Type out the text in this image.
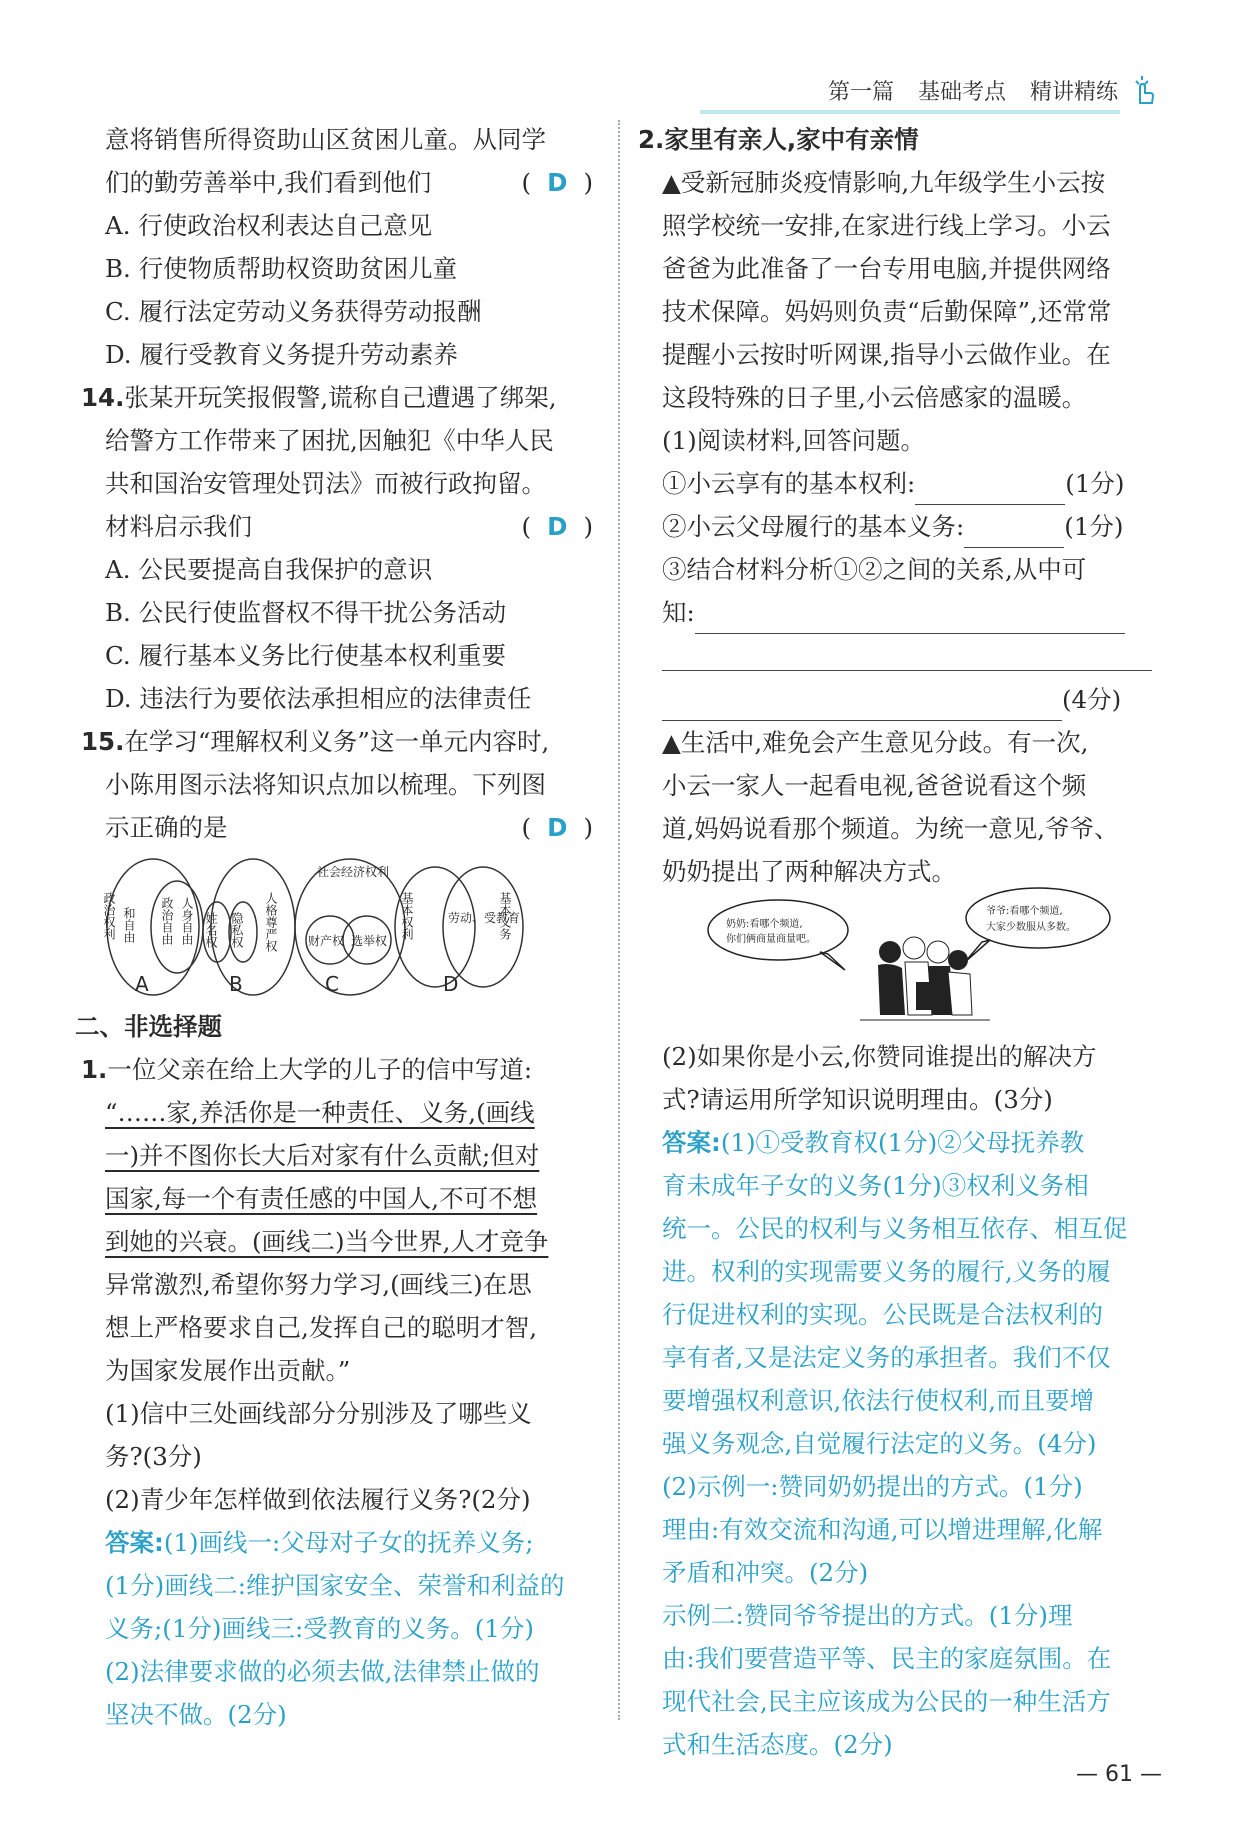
第一篇 基础考点 精讲精练
意将销售所得资助山区贫困儿童。从同学
们的勤劳善举中,我们看到他们	( D )
A. 行使政治权利表达自己意见
B. 行使物质帮助权资助贫困儿童
C. 履行法定劳动义务获得劳动报酬
D. 履行受教育义务提升劳动素养
14.张某开玩笑报假警,谎称自己遭遇了绑架,
给警方工作带来了困扰,因触犯《中华人民
共和国治安管理处罚法》而被行政拘留。
材料启示我们	( D )
A. 公民要提高自我保护的意识
B. 公民行使监督权不得干扰公务活动
C. 履行基本义务比行使基本权利重要
D. 违法行为要依法承担相应的法律责任
15.在学习“理解权利义务”这一单元内容时,
小陈用图示法将知识点加以梳理。下列图
示正确的是	( D )
政治权利 和自由 政治自由 人身自由 姓名权 隐私权 人格尊严权
社会经济权利
财产权 选举权
基本权利	劳动、受教育
基本义务
A	B	C	D
二、非选择题
1.一位父亲在给上大学的儿子的信中写道:
“……家,养活你是一种责任、义务,(画线
一)并不图你长大后对家有什么贡献;但对
国家,每一个有责任感的中国人,不可不想
到她的兴衰。(画线二)当今世界,人才竞争
异常激烈,希望你努力学习,(画线三)在思
想上严格要求自己,发挥自己的聪明才智,
为国家发展作出贡献。”
(1)信中三处画线部分分别涉及了哪些义
务?(3分)
(2)青少年怎样做到依法履行义务?(2分)
答案:(1)画线一:父母对子女的抚养义务;
(1分)画线二:维护国家安全、荣誉和利益的
义务;(1分)画线三:受教育的义务。(1分)
(2)法律要求做的必须去做,法律禁止做的
坚决不做。(2分)
2.家里有亲人,家中有亲情
▲受新冠肺炎疫情影响,九年级学生小云按
照学校统一安排,在家进行线上学习。小云
爸爸为此准备了一台专用电脑,并提供网络
技术保障。妈妈则负责“后勤保障”,还常常
提醒小云按时听网课,指导小云做作业。在
这段特殊的日子里,小云倍感家的温暖。
(1)阅读材料,回答问题。
①小云享有的基本权利:	(1分)
②小云父母履行的基本义务:	(1分)
③结合材料分析①②之间的关系,从中可
知:
(4分)
▲生活中,难免会产生意见分歧。有一次,
小云一家人一起看电视,爸爸说看这个频
道,妈妈说看那个频道。为统一意见,爷爷、
奶奶提出了两种解决方式。
奶奶:看哪个频道,
你们俩商量商量吧。
爷爷:看哪个频道,
大家少数服从多数。
(2)如果你是小云,你赞同谁提出的解决方
式?请运用所学知识说明理由。(3分)
答案:(1)①受教育权(1分)②父母抚养教
育未成年子女的义务(1分)③权利义务相
统一。公民的权利与义务相互依存、相互促
进。权利的实现需要义务的履行,义务的履
行促进权利的实现。公民既是合法权利的
享有者,又是法定义务的承担者。我们不仅
要增强权利意识,依法行使权利,而且要增
强义务观念,自觉履行法定的义务。(4分)
(2)示例一:赞同奶奶提出的方式。(1分)
理由:有效交流和沟通,可以增进理解,化解
矛盾和冲突。(2分)
示例二:赞同爷爷提出的方式。(1分)理
由:我们要营造平等、民主的家庭氛围。在
现代社会,民主应该成为公民的一种生活方
式和生活态度。(2分)
— 61 —
